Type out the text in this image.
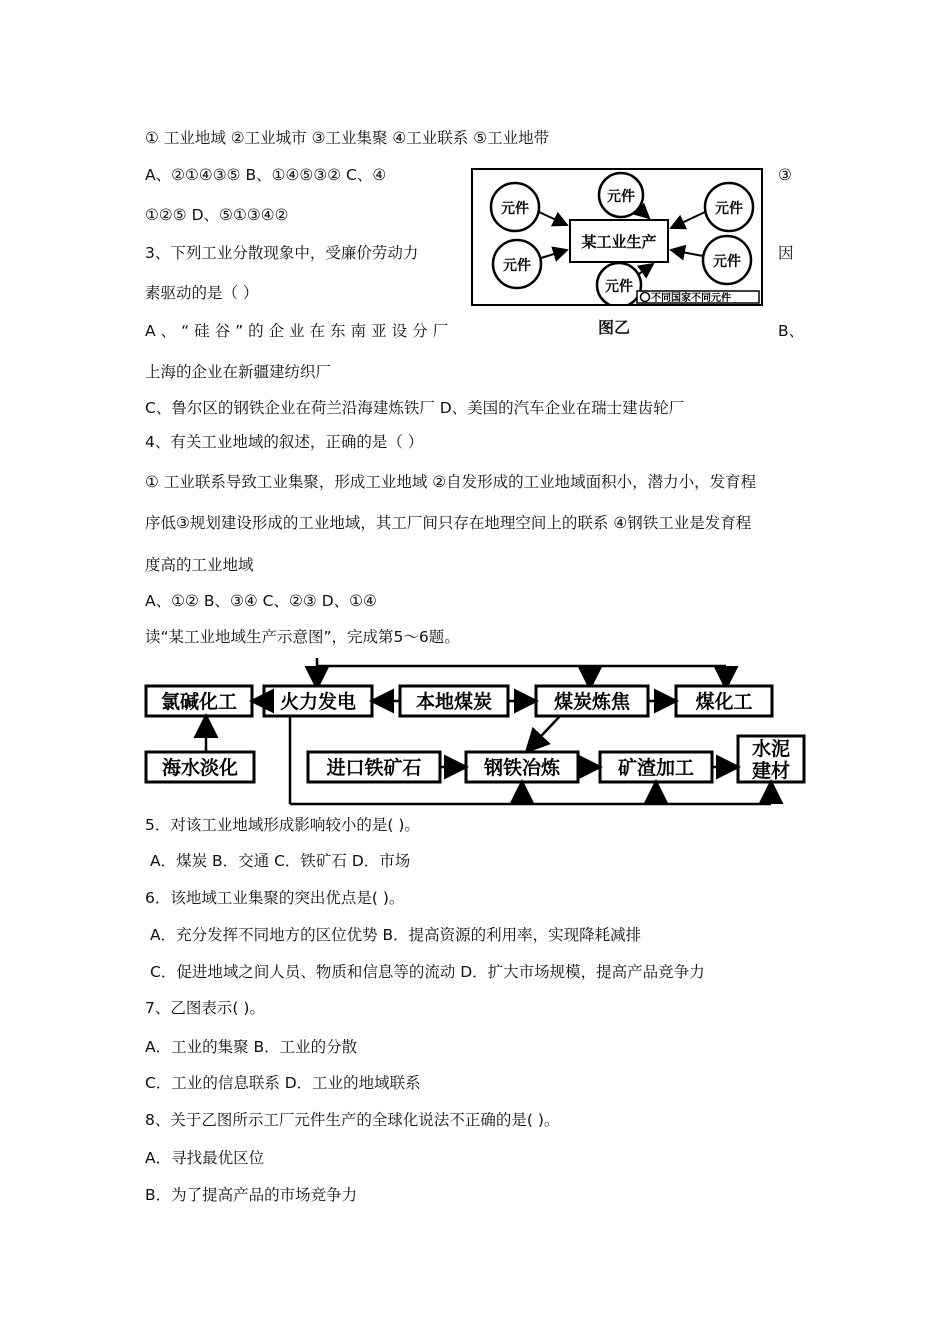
① 工业地域 ②工业城市 ③工业集聚 ④工业联系 ⑤工业地带
A、②①④③⑤ B、①④⑤③② C、④	③
①②⑤ D、⑤①③④②
3、下列工业分散现象中，受廉价劳动力	因
素驱动的是（ ）
A、“硅谷”的企业在东南亚设分厂	B、
上海的企业在新疆建纺织厂
C、鲁尔区的钢铁企业在荷兰沿海建炼铁厂 D、美国的汽车企业在瑞士建齿轮厂
4、有关工业地域的叙述，正确的是（ ）
① 工业联系导致工业集聚，形成工业地域 ②自发形成的工业地域面积小，潜力小，发育程
序低③规划建设形成的工业地域，其工厂间只存在地理空间上的联系 ④钢铁工业是发育程
度高的工业地域
A、①② B、③④ C、②③ D、①④
读“某工业地域生产示意图”，完成第5～6题。
某工业生产
元件
元件
元件
元件
元件
元件
不同国家不同元件
图乙
氯碱化工 火力发电	本地煤炭	煤炭炼焦	煤化工
海水淡化	进口铁矿石	钢铁冶炼	矿渣加工
水泥
建材
5．对该工业地域形成影响较小的是( )。
A．煤炭 B．交通 C．铁矿石 D．市场
6．该地域工业集聚的突出优点是( )。
A．充分发挥不同地方的区位优势 B．提高资源的利用率，实现降耗减排
C．促进地域之间人员、物质和信息等的流动 D．扩大市场规模，提高产品竞争力
7、乙图表示( )。
A．工业的集聚 B．工业的分散
C．工业的信息联系 D．工业的地域联系
8、关于乙图所示工厂元件生产的全球化说法不正确的是( )。
A．寻找最优区位
B．为了提高产品的市场竞争力
